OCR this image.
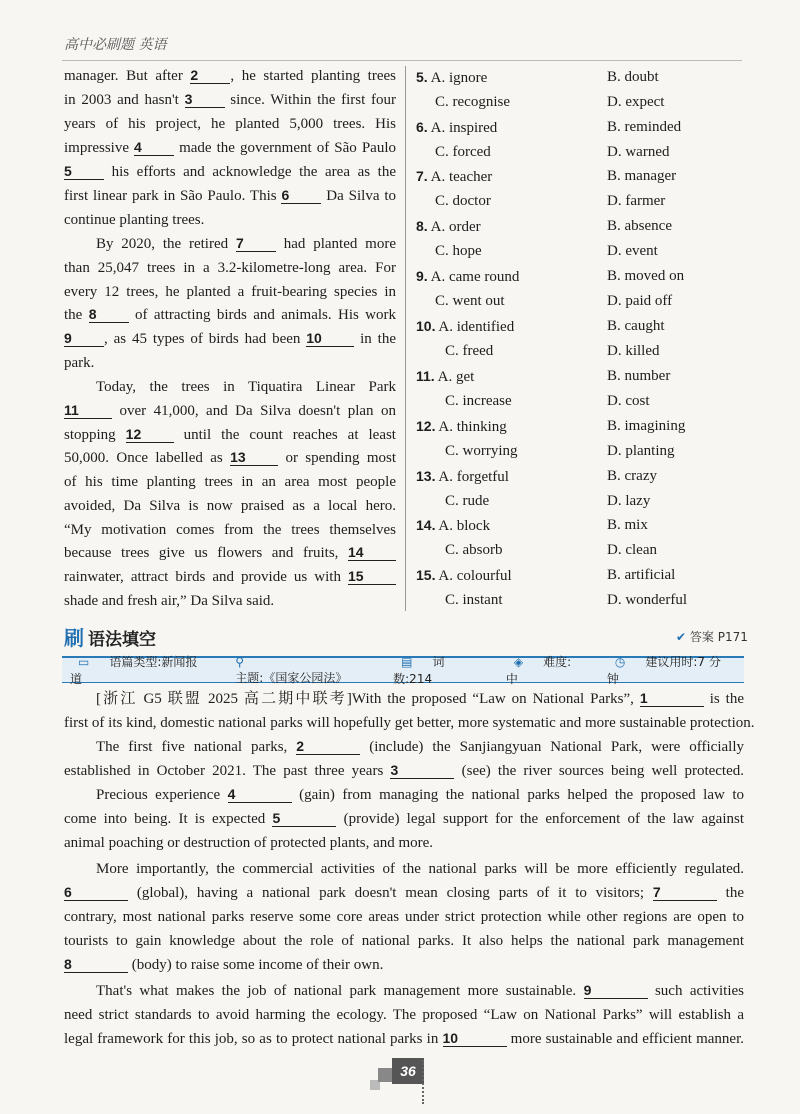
高中必刷题 英语
manager. But after 2 , he started planting trees
in 2003 and hasn't 3 since. Within the first four
years of his project, he planted 5,000 trees. His
impressive 4 made the government of São Paulo
5 his efforts and acknowledge the area as the
first linear park in São Paulo. This 6 Da Silva to
continue planting trees.
By 2020, the retired 7 had planted more
than 25,047 trees in a 3.2-kilometre-long area. For
every 12 trees, he planted a fruit-bearing species in
the 8 of attracting birds and animals. His work
9 , as 45 types of birds had been 10 in the
park.
Today, the trees in Tiquatira Linear Park
11 over 41,000, and Da Silva doesn't plan on
stopping 12 until the count reaches at least
50,000. Once labelled as 13 or spending most
of his time planting trees in an area most people
avoided, Da Silva is now praised as a local hero.
“My motivation comes from the trees themselves
because trees give us flowers and fruits, 14
rainwater, attract birds and provide us with 15
shade and fresh air,” Da Silva said.
5. A. ignore	B. doubt
C. recognise	D. expect
6. A. inspired	B. reminded
C. forced	D. warned
7. A. teacher	B. manager
C. doctor	D. farmer
8. A. order	B. absence
C. hope	D. event
9. A. came round	B. moved on
C. went out	D. paid off
10. A. identified	B. caught
C. freed	D. killed
11. A. get	B. number
C. increase	D. cost
12. A. thinking	B. imagining
C. worrying	D. planting
13. A. forgetful	B. crazy
C. rude	D. lazy
14. A. block	B. mix
C. absorb	D. clean
15. A. colourful	B. artificial
C. instant	D. wonderful
刷 语法填空	✔ 答案 P171
▭ 语篇类型:新闻报道
⚲主题:《国家公园法》
▤ 词数:214
◈ 难度:中
◷ 建议用时:7 分钟
[浙江 G5 联盟 2025 高二期中联考]With the proposed “Law on National Parks”, 1	is the
first of its kind, domestic national parks will hopefully get better, more systematic and more sustainable protection.
The first five national parks, 2	(include) the Sanjiangyuan National Park, were officially
established in October 2021. The past three years 3	(see) the river sources being well protected.
Precious experience 4	(gain) from managing the national parks helped the proposed law to
come into being. It is expected 5	(provide) legal support for the enforcement of the law against
animal poaching or destruction of protected plants, and more.
More importantly, the commercial activities of the national parks will be more efficiently regulated.
6	(global), having a national park doesn't mean closing parts of it to visitors; 7	the
contrary, most national parks reserve some core areas under strict protection while other regions are open to
tourists to gain knowledge about the role of national parks. It also helps the national park management
8	(body) to raise some income of their own.
That's what makes the job of national park management more sustainable. 9	such activities
need strict standards to avoid harming the ecology. The proposed “Law on National Parks” will establish a
legal framework for this job, so as to protect national parks in 10	more sustainable and efficient manner.
36
